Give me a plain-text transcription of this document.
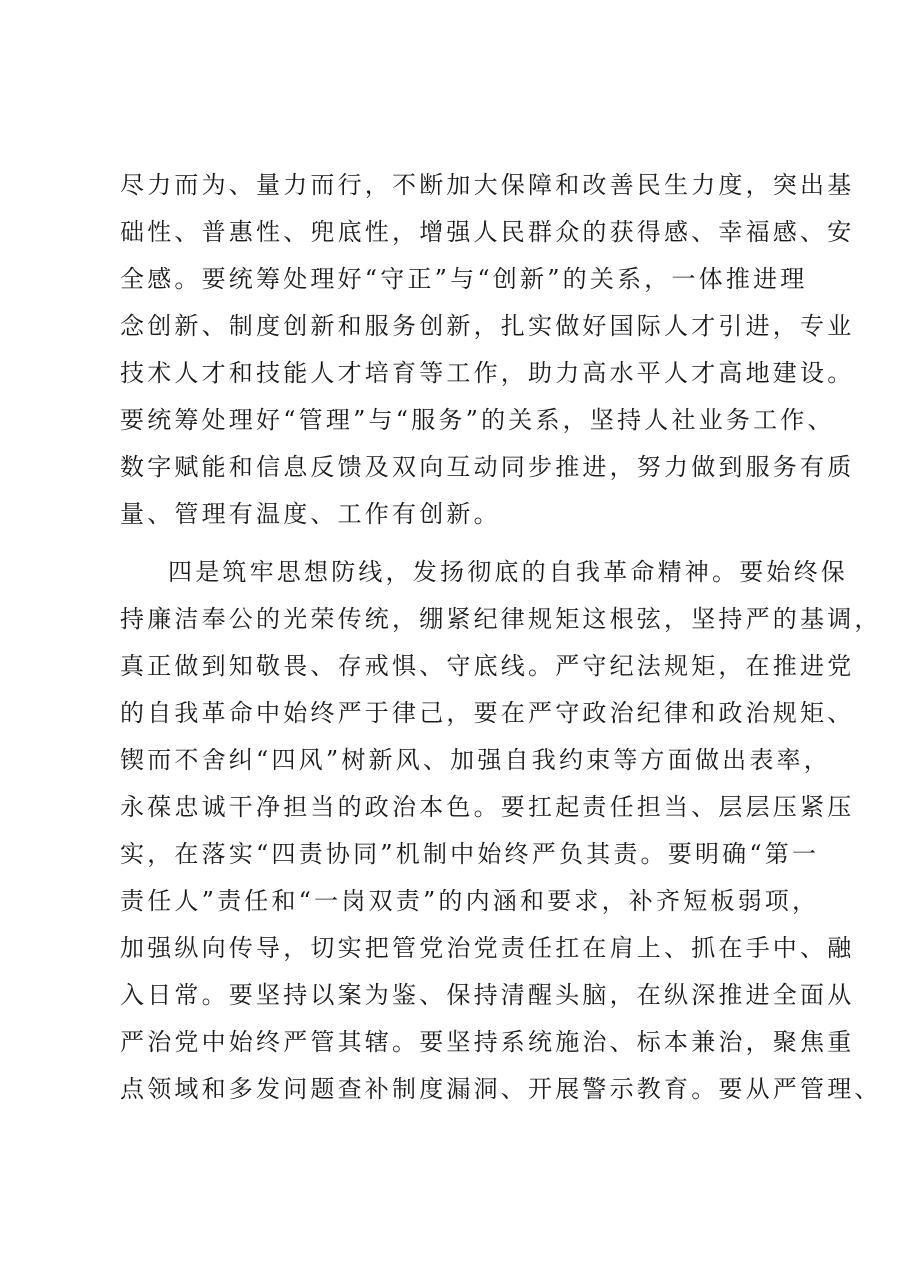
尽力而为、量力而行，不断加大保障和改善民生力度，突出基
础性、普惠性、兜底性，增强人民群众的获得感、幸福感、安
全感。要统筹处理好“守正”与“创新”的关系，一体推进理
念创新、制度创新和服务创新，扎实做好国际人才引进，专业
技术人才和技能人才培育等工作，助力高水平人才高地建设。
要统筹处理好“管理”与“服务”的关系，坚持人社业务工作、
数字赋能和信息反馈及双向互动同步推进，努力做到服务有质
量、管理有温度、工作有创新。
四是筑牢思想防线，发扬彻底的自我革命精神。要始终保
持廉洁奉公的光荣传统，绷紧纪律规矩这根弦，坚持严的基调，
真正做到知敬畏、存戒惧、守底线。严守纪法规矩，在推进党
的自我革命中始终严于律己，要在严守政治纪律和政治规矩、
锲而不舍纠“四风”树新风、加强自我约束等方面做出表率，
永葆忠诚干净担当的政治本色。要扛起责任担当、层层压紧压
实，在落实“四责协同”机制中始终严负其责。要明确“第一
责任人”责任和“一岗双责”的内涵和要求，补齐短板弱项，
加强纵向传导，切实把管党治党责任扛在肩上、抓在手中、融
入日常。要坚持以案为鉴、保持清醒头脑，在纵深推进全面从
严治党中始终严管其辖。要坚持系统施治、标本兼治，聚焦重
点领域和多发问题查补制度漏洞、开展警示教育。要从严管理、
